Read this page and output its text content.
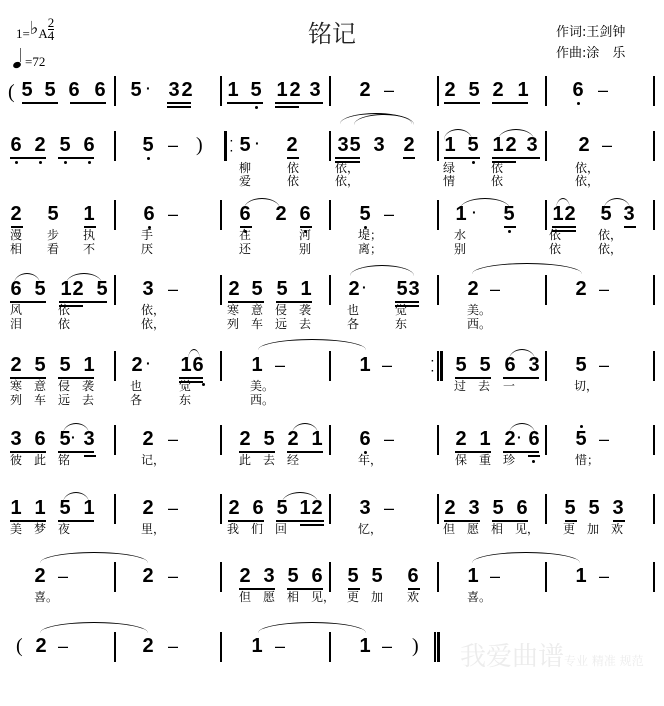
铭记	作词:王剑钟
作曲:涂　乐
1=♭A $\frac{2}{4}$
=72
( 5 5 6 6 5 · 3 2 1 5 1 2 3 2 –	2 5 2 1 6 –
6 2 5 6 5 – )	·
· 5 · 2 3 5 3 2 1 5 1 2 3 2 –
柳	依	依，	绿	依	依，
爱	依	依，	情	依	依，
2 5 1 6 –	6 2 6 5 –	1 · 5 1 2 5 3
漫 步 执	手	在	河	堤；	水	依	依，
相 看 不	厌	还	别	离；	别	依	依，
6 5 1 2 5 3 –	2 5 5 1 2 · 5 3 2 –	2 –
风	依	依，	寒 意 侵 袭	也	觉	美。
泪	依	依，	列 车 远 去	各	东	西。
2 5 5 1 2 · 1 6 1 –	1 –	·
· 5 5 6 3 5 –
寒 意 侵 袭	也	觉	美。	过 去 一	切，
列 车 远 去	各	东	西。
3 6 5 · 3 2 –	2 5 2 1 6 –	2 1 2 · 6 5 –
彼 此 铭	记，	此 去 经	年，	保 重 珍	惜；
1 1 5 1 2 –	2 6 5 1 2 3 –	2 3 5 6 5 5 3
美 梦 夜	里，	我 们 回	忆，	但 愿 相 见， 更 加 欢
2 –	2 –	2 3 5 6 5 5 6 1 –	1 –
喜。	但 愿 相 见， 更 加 欢	喜。
( 2 –	2 –	1 –	1 – ) 我爱曲谱专业 精准 规范
